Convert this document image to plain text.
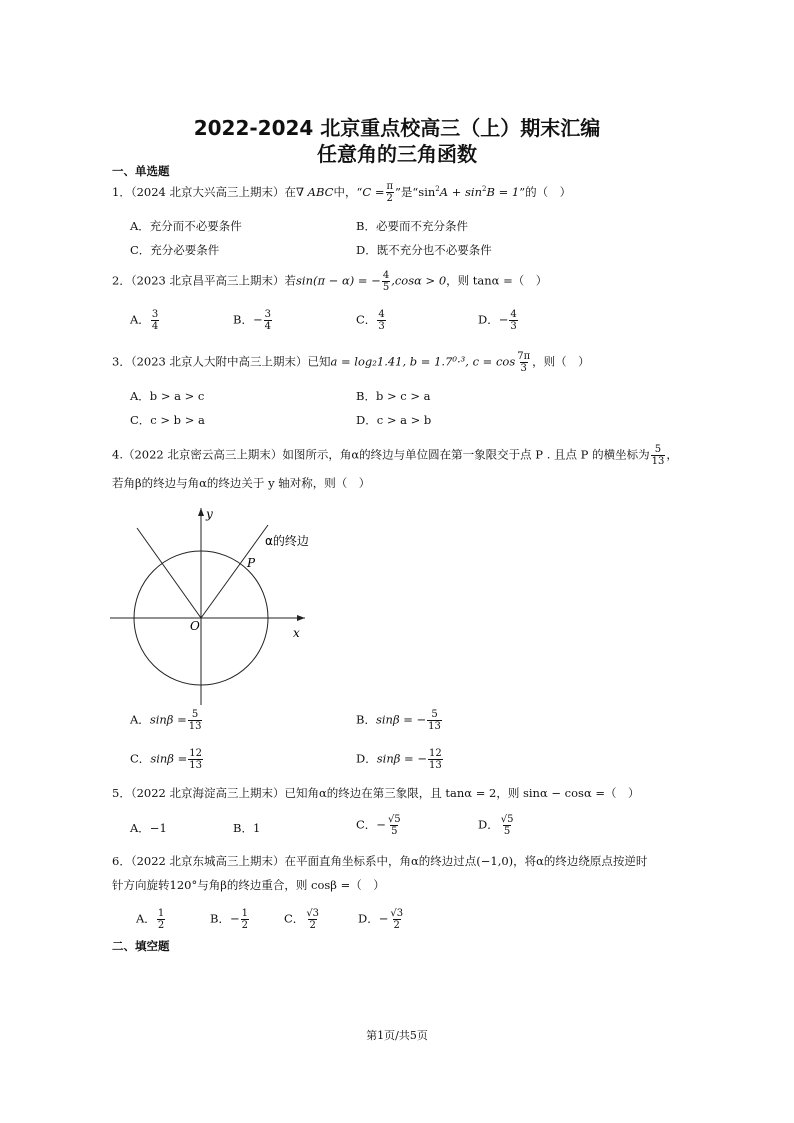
2022-2024 北京重点校高三（上）期末汇编
任意角的三角函数
一、单选题
1．（2024 北京大兴高三上期末）在∇ ABC中，“$C = \frac{\pi}{2}$ ”是“$\sin^2A + \sin^2B = 1$”的（　）
A．充分而不必要条件	B．必要而不充分条件
C．充分必要条件	D．既不充分也不必要条件
2．（2023 北京昌平高三上期末）若sin(π − α) = − $\frac{4}{5} ,\cos\alpha > 0$，则 tanα =（　）
A． $\frac{3}{4}$	B．− $\frac{3}{4}$	C． $\frac{4}{3}$	D．− $\frac{4}{3}$
3．（2023 北京人大附中高三上期末）已知a = log₂1.41, b = 1.7⁰·³, $c = \cos \frac{7\pi}{3}$ ，则（　）
A．b > a > c	B．b > c > a
C．c > b > a	D．c > a > b
4.（2022 北京密云高三上期末）如图所示，角α的终边与单位圆在第一象限交于点 P . 且点 P 的横坐标为 $\frac{5}{13}$ ，
若角β的终边与角α的终边关于 y 轴对称，则（　）
y
x
O
P
α的终边
A．$\sin\beta = \frac{5}{13}$	B．sinβ = − $\frac{5}{13}$
C．$\sin\beta = \frac{12}{13}$	D．sinβ = − $\frac{12}{13}$
5．（2022 北京海淀高三上期末）已知角α的终边在第三象限，且 tanα = 2，则 sinα − cosα =（　）
A．−1	B．1	C．− $\frac{√5}{5}$	D． $\frac{√5}{5}$
6．（2022 北京东城高三上期末）在平面直角坐标系中，角α的终边过点(−1,0)，将α的终边绕原点按逆时
针方向旋转120°与角β的终边重合，则 cosβ =（　）
A． $\frac{1}{2}$	B．− $\frac{1}{2}$	C． $\frac{√3}{2}$	D．− $\frac{√3}{2}$
二、填空题
第1页/共5页
